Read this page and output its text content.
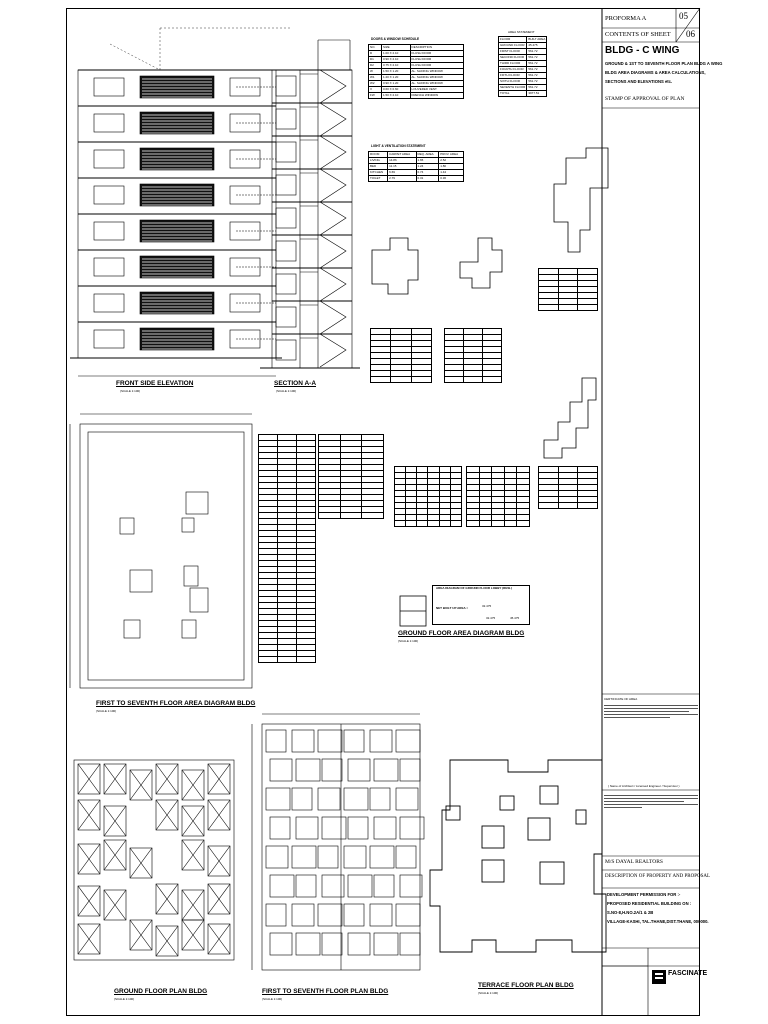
PROFORMA A
CONTENTS OF SHEET
05
06
BLDG - C WING
GROUND & 1ST TO SEVENTH FLOOR PLAN BLDG A WING
BLDG AREA DIAGRAMS & AREA CALCULATIONS,
SECTIONS AND ELEVATIONS etc.
STAMP OF APPROVAL OF PLAN
CERTIFICATE OF AREA
( Name of Architect / Licensed Engineer / Supervisor )
M/S DAYAL REALTORS
DESCRIPTION OF PROPERTY AND PROPOSAL
DEVELOPMENT PERMISSION FOR :-
PROPOSED RESIDENTIAL BUILDING ON :
S.NO-8,H.NO.2A/1 & 2B
VILLAGE-KASHI, TAL.THANE,DIST.THANE, 000000.
FASCINATE
FRONT SIDE ELEVATION
(SCALE 1:100)
SECTION A-A
(SCALE 1:100)
FIRST TO SEVENTH FLOOR AREA DIAGRAM BLDG
(SCALE 1:100)
GROUND FLOOR AREA DIAGRAM BLDG
(SCALE 1:100)
GROUND FLOOR PLAN BLDG
(SCALE 1:100)
FIRST TO SEVENTH FLOOR PLAN BLDG
(SCALE 1:100)
TERRACE FLOOR PLAN BLDG
(SCALE 1:100)
DOORS & WINDOW SCHEDULE
NO.	SIZE	DESCRIPTION
D	1.00 X 2.10	FLUSH DOOR
D1	0.90 X 2.10	FLUSH DOOR
D2	0.75 X 2.10	FLUSH DOOR
W	1.50 X 1.20	AL. SLIDING WINDOW
W1	1.20 X 1.20	AL. SLIDING WINDOW
W2	0.90 X 1.20	AL. SLIDING WINDOW
V	0.60 X 0.60	LOUVERED VENT.
FW	1.50 X 2.10	FRENCH WINDOW
LIGHT & VENTILATION STATEMENT
ROOM	CARPET AREA	REQ. AREA	PROV. AREA
LIVING	14.86	1.65	2.52
BED	11.15	1.24	1.80
KITCHEN	6.69	0.74	1.44
TOILET	2.79	0.31	0.36
AREA STATEMENT
FLOOR	BUILT AREA
GROUND FLOOR	45.475
FIRST FLOOR	561.72
SECOND FLOOR	561.72
THIRD FLOOR	561.72
FOURTH FLOOR	561.72
FIFTH FLOOR	561.72
SIXTH FLOOR	561.72
SEVENTH FLOOR	561.72
TOTAL	3977.51

AREA DIAGRAM OF GROUND FLOOR LOBBY (RESI.)
NET BUILT UP AREA =	32.475
32.475	45.475
